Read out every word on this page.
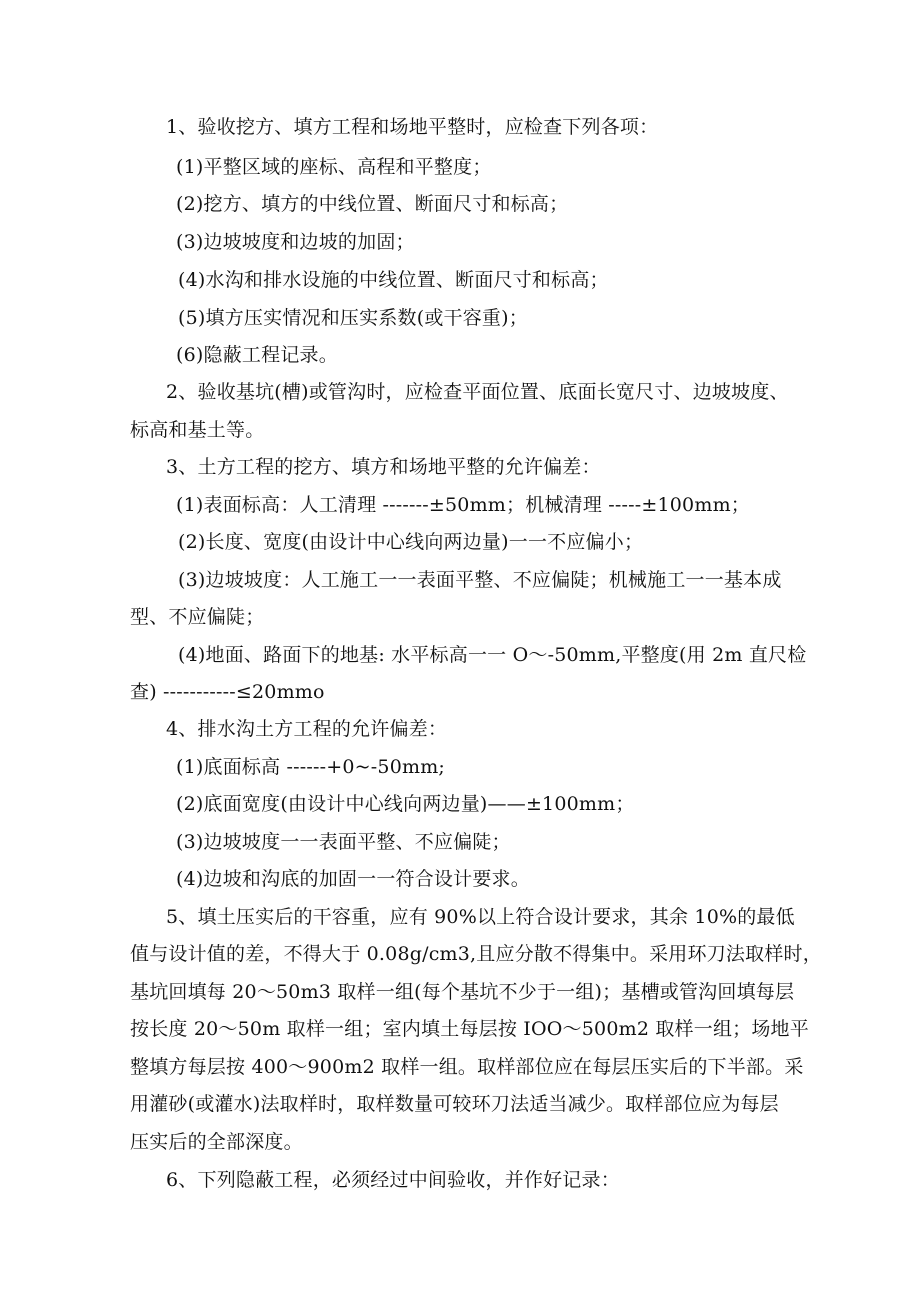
1、验收挖方、填方工程和场地平整时，应检查下列各项：
(1)平整区域的座标、高程和平整度；
(2)挖方、填方的中线位置、断面尺寸和标高；
(3)边坡坡度和边坡的加固；
(4)水沟和排水设施的中线位置、断面尺寸和标高；
(5)填方压实情况和压实系数(或干容重)；
(6)隐蔽工程记录。
2、验收基坑(槽)或管沟时，应检查平面位置、底面长宽尺寸、边坡坡度、
标高和基土等。
3、土方工程的挖方、填方和场地平整的允许偏差：
(1)表面标高：人工清理 -------±50mm；机械清理 -----±100mm；
(2)长度、宽度(由设计中心线向两边量)一一不应偏小；
(3)边坡坡度：人工施工一一表面平整、不应偏陡；机械施工一一基本成
型、不应偏陡；
(4)地面、路面下的地基: 水平标高一一 O～-50mm,平整度(用 2m 直尺检
查) -----------≤20mmo
4、排水沟土方工程的允许偏差：
(1)底面标高 ------+0~-50mm;
(2)底面宽度(由设计中心线向两边量)——±100mm；
(3)边坡坡度一一表面平整、不应偏陡；
(4)边坡和沟底的加固一一符合设计要求。
5、填土压实后的干容重，应有 90%以上符合设计要求，其余 10%的最低
值与设计值的差，不得大于 0.08g/cm3,且应分散不得集中。采用环刀法取样时，
基坑回填每 20～50m3 取样一组(每个基坑不少于一组)；基槽或管沟回填每层
按长度 20～50m 取样一组；室内填土每层按 IOO～500m2 取样一组；场地平
整填方每层按 400～900m2 取样一组。取样部位应在每层压实后的下半部。采
用灌砂(或灌水)法取样时，取样数量可较环刀法适当减少。取样部位应为每层
压实后的全部深度。
6、下列隐蔽工程，必须经过中间验收，并作好记录：
